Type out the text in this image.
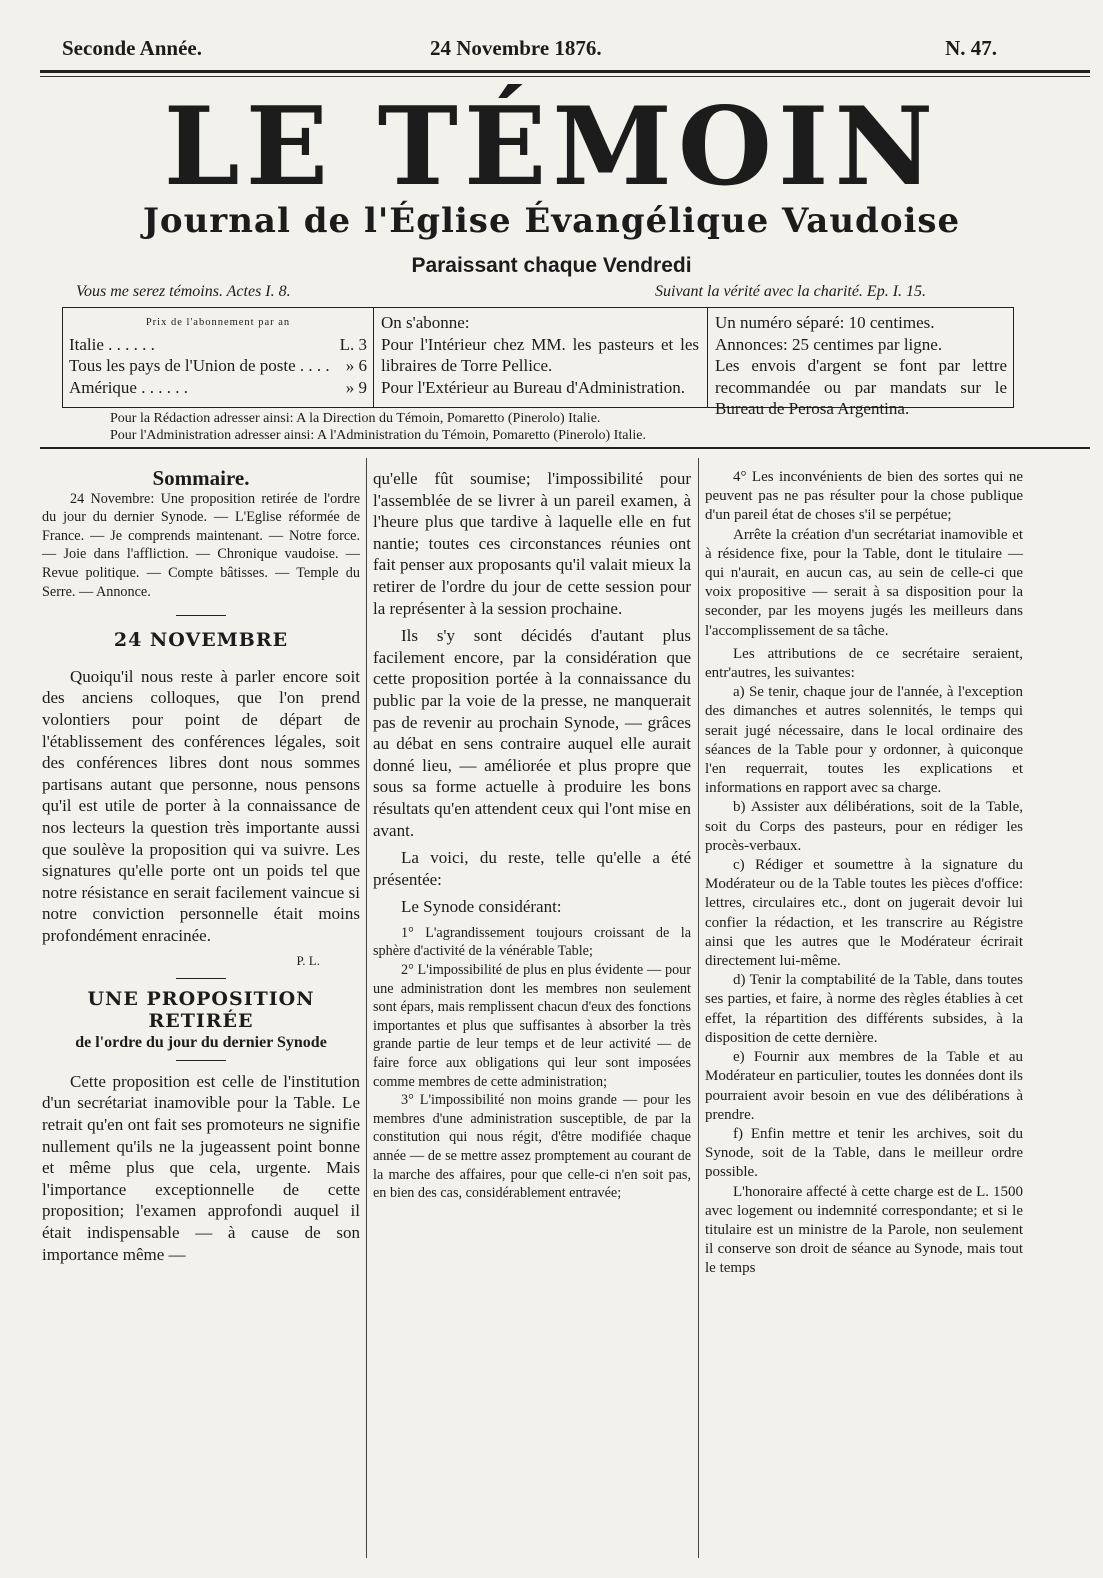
Seconde Année.	24 Novembre 1876.	N. 47.
LE TÉMOIN
Journal de l'Église Évangélique Vaudoise
Paraissant chaque Vendredi
Vous me serez témoins. Actes I. 8.	Suivant la vérité avec la charité. Ep. I. 15.
Prix de l'abonnement par an
Italie . . . . . .	L. 3
Tous les pays de l'Union de poste . . . . » 6
Amérique . . . . . .	» 9
On s'abonne:
Pour l'Intérieur chez MM. les pasteurs et les libraires de Torre Pellice.
Pour l'Extérieur au Bureau d'Administration.
Un numéro séparé: 10 centimes.
Annonces: 25 centimes par ligne.
Les envois d'argent se font par lettre recommandée ou par mandats sur le Bureau de Perosa Argentina.
Pour la Rédaction adresser ainsi: A la Direction du Témoin, Pomaretto (Pinerolo) Italie.
Pour l'Administration adresser ainsi: A l'Administration du Témoin, Pomaretto (Pinerolo) Italie.
Sommaire.

24 Novembre: Une proposition retirée de l'ordre du jour du dernier Synode. — L'Eglise réformée de France. — Je comprends maintenant. — Notre force. — Joie dans l'affliction. — Chronique vaudoise. — Revue politique. — Compte bâtisses. — Temple du Serre. — Annonce.

24 NOVEMBRE

Quoiqu'il nous reste à parler encore soit des anciens colloques, que l'on prend volontiers pour point de départ de l'établissement des conférences légales, soit des conférences libres dont nous sommes partisans autant que personne, nous pensons qu'il est utile de porter à la connaissance de nos lecteurs la question très importante aussi que soulève la proposition qui va suivre. Les signatures qu'elle porte ont un poids tel que notre résistance en serait facilement vaincue si notre conviction personnelle était moins profondément enracinée.

P. L.
UNE PROPOSITION RETIRÉE
de l'ordre du jour du dernier Synode

Cette proposition est celle de l'institution d'un secrétariat inamovible pour la Table. Le retrait qu'en ont fait ses promoteurs ne signifie nullement qu'ils ne la jugeassent point bonne et même plus que cela, urgente. Mais l'importance exceptionnelle de cette proposition; l'examen approfondi auquel il était indispensable — à cause de son importance même —

qu'elle fût soumise; l'impossibilité pour l'assemblée de se livrer à un pareil examen, à l'heure plus que tardive à laquelle elle en fut nantie; toutes ces circonstances réunies ont fait penser aux proposants qu'il valait mieux la retirer de l'ordre du jour de cette session pour la représenter à la session prochaine.

Ils s'y sont décidés d'autant plus facilement encore, par la considération que cette proposition portée à la connaissance du public par la voie de la presse, ne manquerait pas de revenir au prochain Synode, — grâces au débat en sens contraire auquel elle aurait donné lieu, — améliorée et plus propre que sous sa forme actuelle à produire les bons résultats qu'en attendent ceux qui l'ont mise en avant.

La voici, du reste, telle qu'elle a été présentée:

Le Synode considérant:

1° L'agrandissement toujours croissant de la sphère d'activité de la vénérable Table;

2° L'impossibilité de plus en plus évidente — pour une administration dont les membres non seulement sont épars, mais remplissent chacun d'eux des fonctions importantes et plus que suffisantes à absorber la très grande partie de leur temps et de leur activité — de faire force aux obligations qui leur sont imposées comme membres de cette administration;

3° L'impossibilité non moins grande — pour les membres d'une administration susceptible, de par la constitution qui nous régit, d'être modifiée chaque année — de se mettre assez promptement au courant de la marche des affaires, pour que celle-ci n'en soit pas, en bien des cas, considérablement entravée;

4° Les inconvénients de bien des sortes qui ne peuvent pas ne pas résulter pour la chose publique d'un pareil état de choses s'il se perpétue;

Arrête la création d'un secrétariat inamovible et à résidence fixe, pour la Table, dont le titulaire — qui n'aurait, en aucun cas, au sein de celle-ci que voix propositive — serait à sa disposition pour la seconder, par les moyens jugés les meilleurs dans l'accomplissement de sa tâche.

Les attributions de ce secrétaire seraient, entr'autres, les suivantes:

a) Se tenir, chaque jour de l'année, à l'exception des dimanches et autres solennités, le temps qui serait jugé nécessaire, dans le local ordinaire des séances de la Table pour y ordonner, à quiconque l'en requerrait, toutes les explications et informations en rapport avec sa charge.

b) Assister aux délibérations, soit de la Table, soit du Corps des pasteurs, pour en rédiger les procès-verbaux.

c) Rédiger et soumettre à la signature du Modérateur ou de la Table toutes les pièces d'office: lettres, circulaires etc., dont on jugerait devoir lui confier la rédaction, et les transcrire au Régistre ainsi que les autres que le Modérateur écrirait directement lui-même.

d) Tenir la comptabilité de la Table, dans toutes ses parties, et faire, à norme des règles établies à cet effet, la répartition des différents subsides, à la disposition de cette dernière.

e) Fournir aux membres de la Table et au Modérateur en particulier, toutes les données dont ils pourraient avoir besoin en vue des délibérations à prendre.

f) Enfin mettre et tenir les archives, soit du Synode, soit de la Table, dans le meilleur ordre possible.

L'honoraire affecté à cette charge est de L. 1500 avec logement ou indemnité correspondante; et si le titulaire est un ministre de la Parole, non seulement il conserve son droit de séance au Synode, mais tout le temps
